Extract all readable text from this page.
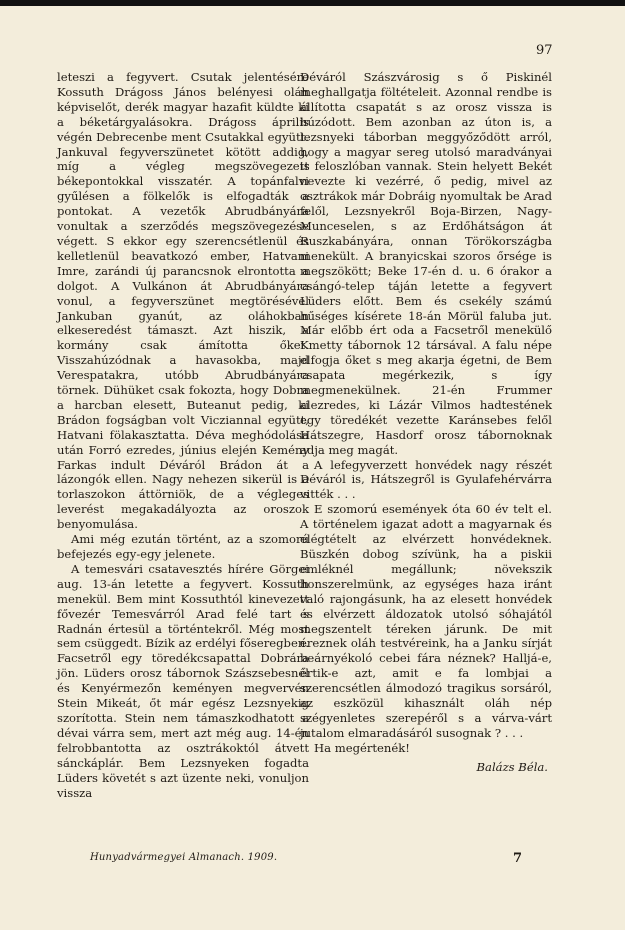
97

leteszi a fegyvert. Csutak jelentésére Kossuth Drágoss János belényesi oláh képviselőt, derék magyar hazafit küldte ki a béketárgyalásokra. Drágoss április végén Debrecenbe ment Csutakkal együtt. Jankuval fegyverszünetet kötött addig, míg a végleg megszövegezett békepontokkal visszatér. A topánfalvi gyűlésen a fölkelők is elfogadták a pontokat. A vezetők Abrudbányára vonultak a szerződés megszövegezése végett. S ekkor egy szerencsétlenül és kelletlenül beavatkozó ember, Hatvani Imre, zarándi új parancsnok elrontotta a dolgot. A Vulkánon át Abrudbányára vonul, a fegyverszünet megtörésével Jankuban gyanút, az oláhokban elkeseredést támaszt. Azt hiszik, a kormány csak ámította őket. Visszahúzódnak a havasokba, majd Verespatakra, utóbb Abrudbányára törnek. Dühüket csak fokozta, hogy Dobra a harcban elesett, Buteanut pedig, ki Brádon fogságban volt Vicziannal együtt, Hatvani fölakasztatta. Déva meghódolása után Forró ezredes, június elején Kemény Farkas indult Déváról Brádon át a lázongók ellen. Nagy nehezen sikerül is a torlaszokon áttörniök, de a végleges leverést megakadályozta az oroszok benyomulása.

Ami még ezután történt, az a szomorú befejezés egy-egy jelenete.

A temesvári csatavesztés hírére Görgei aug. 13-án letette a fegyvert. Kossuth menekül. Bem mint Kossuthtól kinevezett fővezér Temesvárról Arad felé tart s Radnán értesül a történtekről. Még most sem csüggedt. Bízik az erdélyi főseregben. Facsetről egy töredékcsapattal Dobrára jön. Lüders orosz tábornok Szászsebesnél és Kenyérmezőn keményen megvervén Stein Mikeát, őt már egész Lezsnyekig szorította. Stein nem támaszkodhatott a dévai várra sem, mert azt még aug. 14-én felrobbantotta az osztrákoktól átvett sánckáplár. Bem Lezsnyeken fogadta Lüders követét s azt üzente neki, vonuljon vissza

Déváról Szászvárosig s ő Piskinél meghallgatja föltételeit. Azonnal rendbe is állította csapatát s az orosz vissza is húzódott. Bem azonban az úton is, a lezsnyeki táborban meggyőződött arról, hogy a magyar sereg utolsó maradványai is feloszlóban vannak. Stein helyett Bekét nevezte ki vezérré, ő pedig, mivel az osztrákok már Dobráig nyomultak be Arad felől, Lezsnyekről Boja-Birzen, Nagy-Munceselen, s az Erdőhátságon át Ruszkabányára, onnan Törökországba menekült. A branyicskai szoros őrsége is megszökött; Beke 17-én d. u. 6 órakor a csángó-telep táján letette a fegyvert Lüders előtt. Bem és csekély számú hűséges kísérete 18-án Mörül faluba jut. Már előbb ért oda a Facsetről menekülő Kmetty tábornok 12 társával. A falu népe elfogja őket s meg akarja égetni, de Bem csapata megérkezik, s így megmenekülnek. 21-én Frummer alezredes, ki Lázár Vilmos hadtestének egy töredékét vezette Karánsebes felől Hátszegre, Hasdorf orosz tábornoknak adja meg magát.

A lefegyverzett honvédek nagy részét Déváról is, Hátszegről is Gyulafehérvárra vitték . . .

E szomorú események óta 60 év telt el. A történelem igazat adott a magyarnak és elégtételt az elvérzett honvédeknek. Büszkén dobog szívünk, ha a piskii emléknél megállunk; növekszik honszerelmünk, az egységes haza iránt való rajongásunk, ha az elesett honvédek és elvérzett áldozatok utolsó sóhajától megszentelt téreken járunk. De mit éreznek oláh testvéreink, ha a Janku sírját beárnyékoló cebei fára néznek? Halljá-e, értik-e azt, amit e fa lombjai a szerencsétlen álmodozó tragikus sorsáról, az eszközül kihasznált oláh nép szégyenletes szerepéről s a várva-várt jutalom elmaradásáról susognak ? . . .

Ha megértenék!

Balázs Béla.
Hunyadvármegyei Almanach. 1909.	7
